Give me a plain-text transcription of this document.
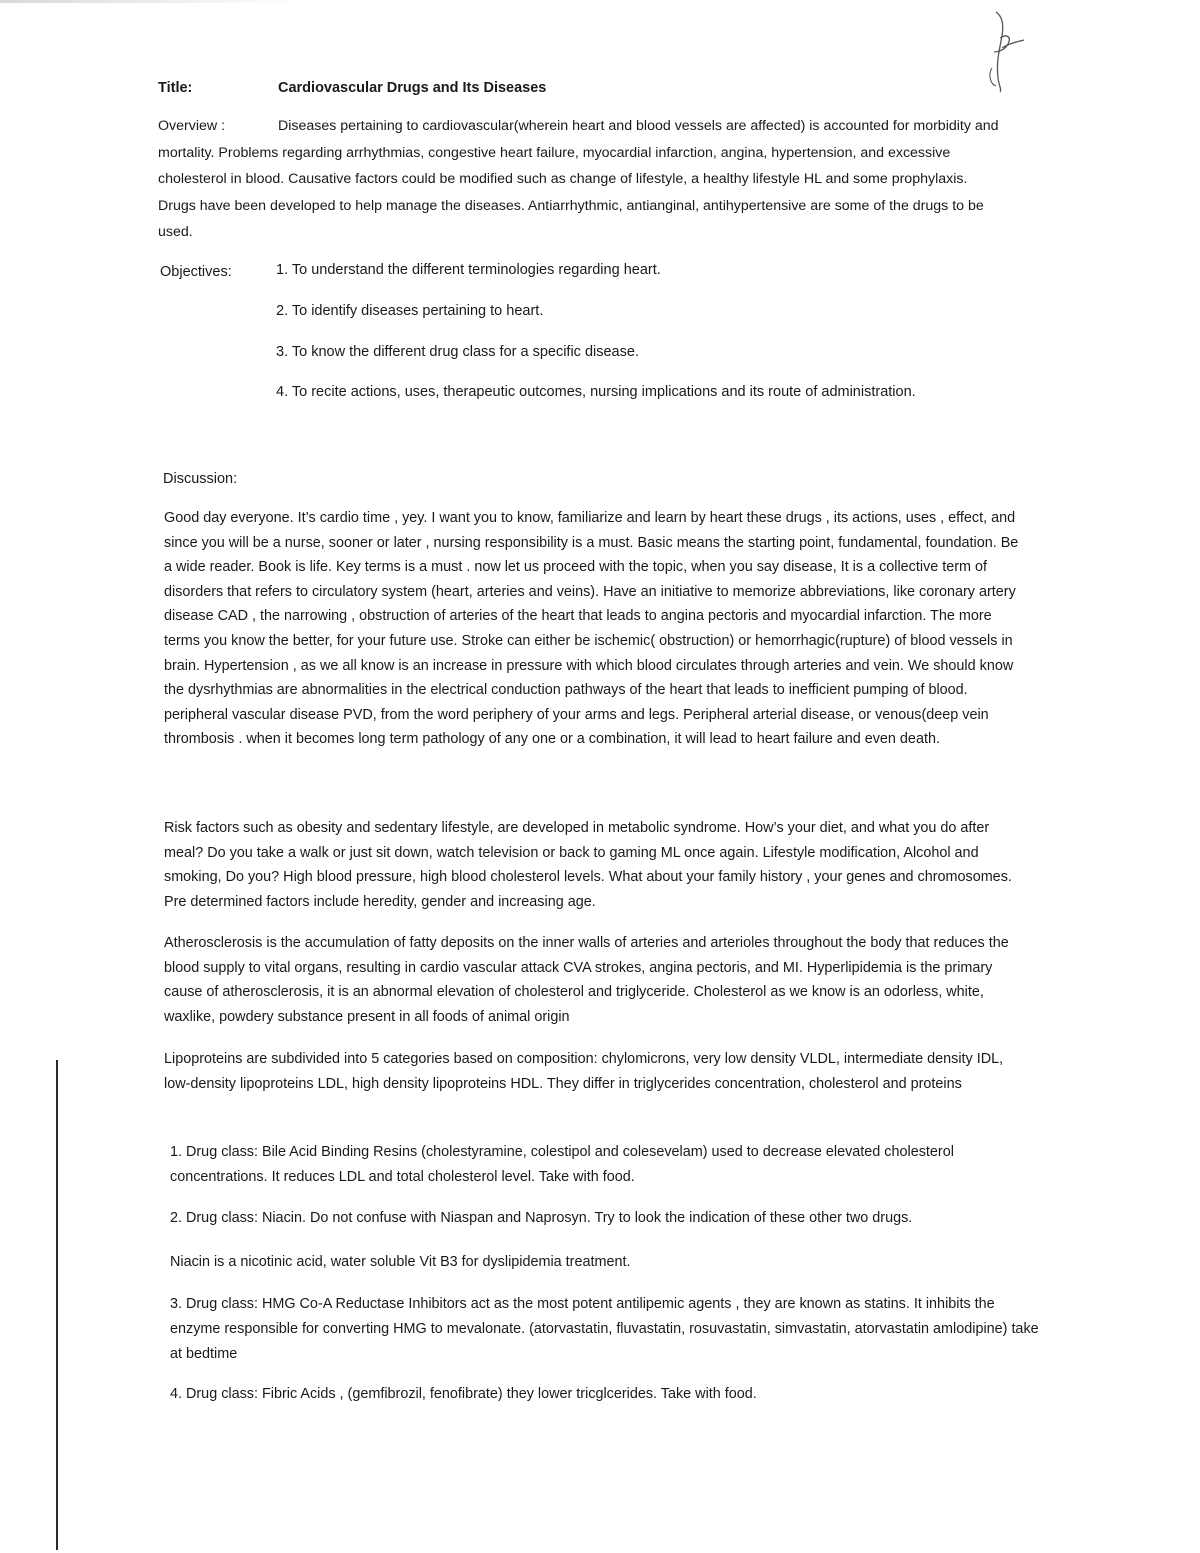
Title:	Cardiovascular Drugs and Its Diseases
Overview :	Diseases pertaining to cardiovascular(wherein heart and blood vessels are affected) is accounted for morbidity and mortality. Problems regarding arrhythmias, congestive heart failure, myocardial infarction, angina, hypertension, and excessive cholesterol in blood. Causative factors could be modified such as change of lifestyle, a healthy lifestyle HL and some prophylaxis. Drugs have been developed to help manage the diseases. Antiarrhythmic, antianginal, antihypertensive are some of the drugs to be used.
Objectives:	1. To understand the different terminologies regarding heart.
2. To identify diseases pertaining to heart.
3. To know the different drug class for a specific disease.
4. To recite actions, uses, therapeutic outcomes, nursing implications and its route of administration.
Discussion:
Good day everyone. It’s cardio time , yey. I want you to know, familiarize and learn by heart these drugs , its actions, uses , effect, and since you will be a nurse, sooner or later , nursing responsibility is a must. Basic means the starting point, fundamental, foundation. Be a wide reader. Book is life. Key terms is a must . now let us proceed with the topic, when you say disease, It is a collective term of disorders that refers to circulatory system (heart, arteries and veins). Have an initiative to memorize abbreviations, like coronary artery disease CAD , the narrowing , obstruction of arteries of the heart that leads to angina pectoris and myocardial infarction. The more terms you know the better, for your future use. Stroke can either be ischemic( obstruction) or hemorrhagic(rupture) of blood vessels in brain. Hypertension , as we all know is an increase in pressure with which blood circulates through arteries and vein. We should know the dysrhythmias are abnormalities in the electrical conduction pathways of the heart that leads to inefficient pumping of blood. peripheral vascular disease PVD, from the word periphery of your arms and legs. Peripheral arterial disease, or venous(deep vein thrombosis . when it becomes long term pathology of any one or a combination, it will lead to heart failure and even death.
Risk factors such as obesity and sedentary lifestyle, are developed in metabolic syndrome. How’s your diet, and what you do after meal? Do you take a walk or just sit down, watch television or back to gaming ML once again. Lifestyle modification, Alcohol and smoking, Do you? High blood pressure, high blood cholesterol levels. What about your family history , your genes and chromosomes. Pre determined factors include heredity, gender and increasing age.
Atherosclerosis is the accumulation of fatty deposits on the inner walls of arteries and arterioles throughout the body that reduces the blood supply to vital organs, resulting in cardio vascular attack CVA strokes, angina pectoris, and MI. Hyperlipidemia is the primary cause of atherosclerosis, it is an abnormal elevation of cholesterol and triglyceride. Cholesterol as we know is an odorless, white, waxlike, powdery substance present in all foods of animal origin
Lipoproteins are subdivided into 5 categories based on composition: chylomicrons, very low density VLDL, intermediate density IDL, low-density lipoproteins LDL, high density lipoproteins HDL. They differ in triglycerides concentration, cholesterol and proteins
1. Drug class: Bile Acid Binding Resins (cholestyramine, colestipol and colesevelam) used to decrease elevated cholesterol concentrations. It reduces LDL and total cholesterol level. Take with food.
2. Drug class: Niacin. Do not confuse with Niaspan and Naprosyn. Try to look the indication of these other two drugs.
Niacin is a nicotinic acid, water soluble Vit B3 for dyslipidemia treatment.
3. Drug class: HMG Co-A Reductase Inhibitors act as the most potent antilipemic agents , they are known as statins. It inhibits the enzyme responsible for converting HMG to mevalonate. (atorvastatin, fluvastatin, rosuvastatin, simvastatin, atorvastatin amlodipine) take at bedtime
4. Drug class: Fibric Acids , (gemfibrozil, fenofibrate) they lower tricglcerides. Take with food.
